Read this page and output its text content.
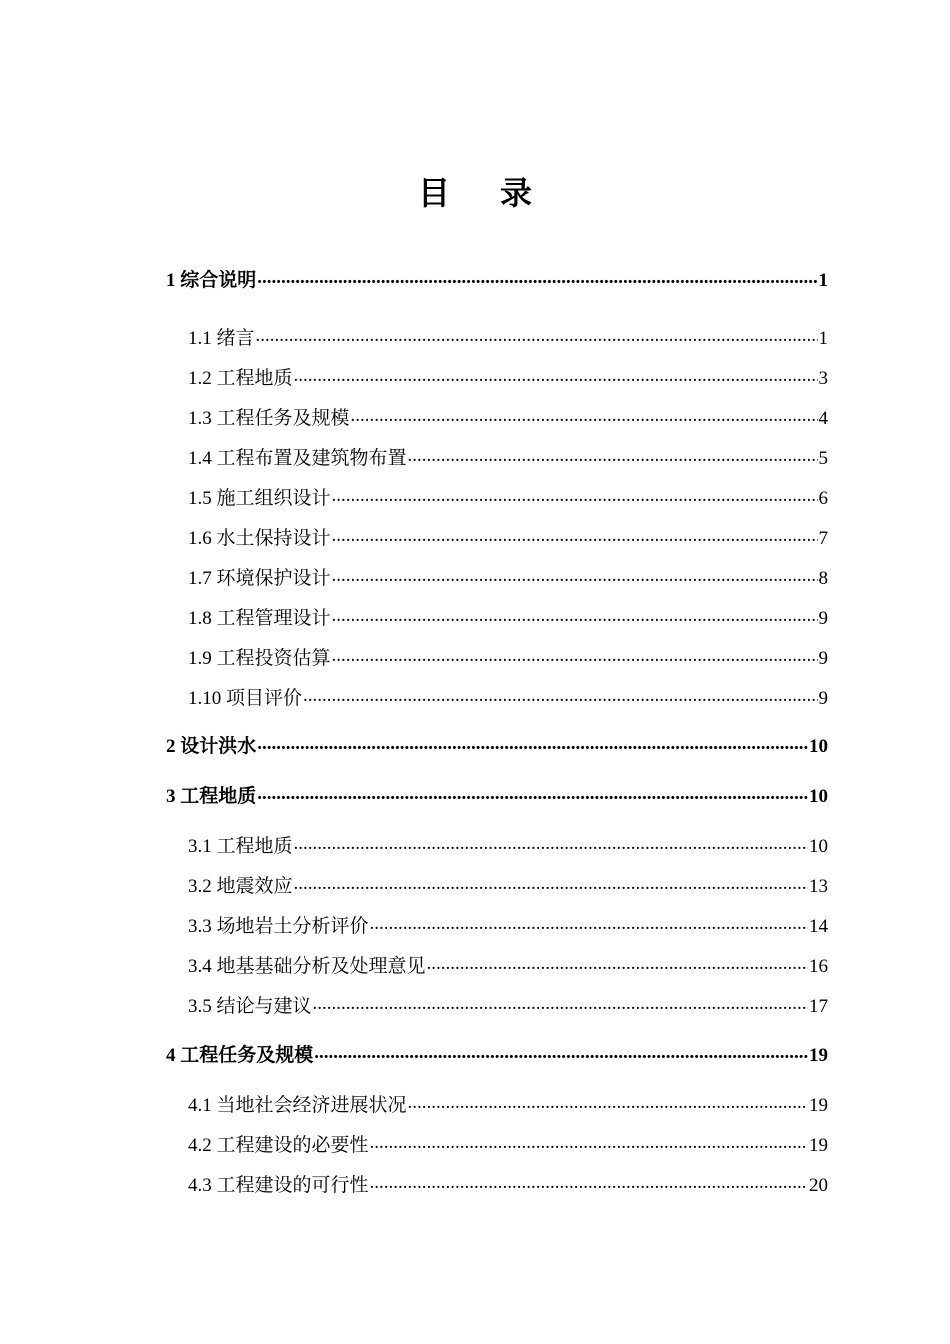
目 录
1 综合说明 .....	1
1.1 绪言 .....	1
1.2 工程地质 .....	3
1.3 工程任务及规模 .....	4
1.4 工程布置及建筑物布置 .....	5
1.5 施工组织设计 .....	6
1.6 水土保持设计 .....	7
1.7 环境保护设计 .....	8
1.8 工程管理设计 .....	9
1.9 工程投资估算 .....	9
1.10 项目评价 .....	9
2 设计洪水 .....	10
3 工程地质 .....	10
3.1 工程地质 .....	10
3.2 地震效应 .....	13
3.3 场地岩土分析评价 .....	14
3.4 地基基础分析及处理意见 .....	16
3.5 结论与建议 .....	17
4 工程任务及规模 .....	19
4.1 当地社会经济进展状况 .....	19
4.2 工程建设的必要性 .....	19
4.3 工程建设的可行性 .....	20
